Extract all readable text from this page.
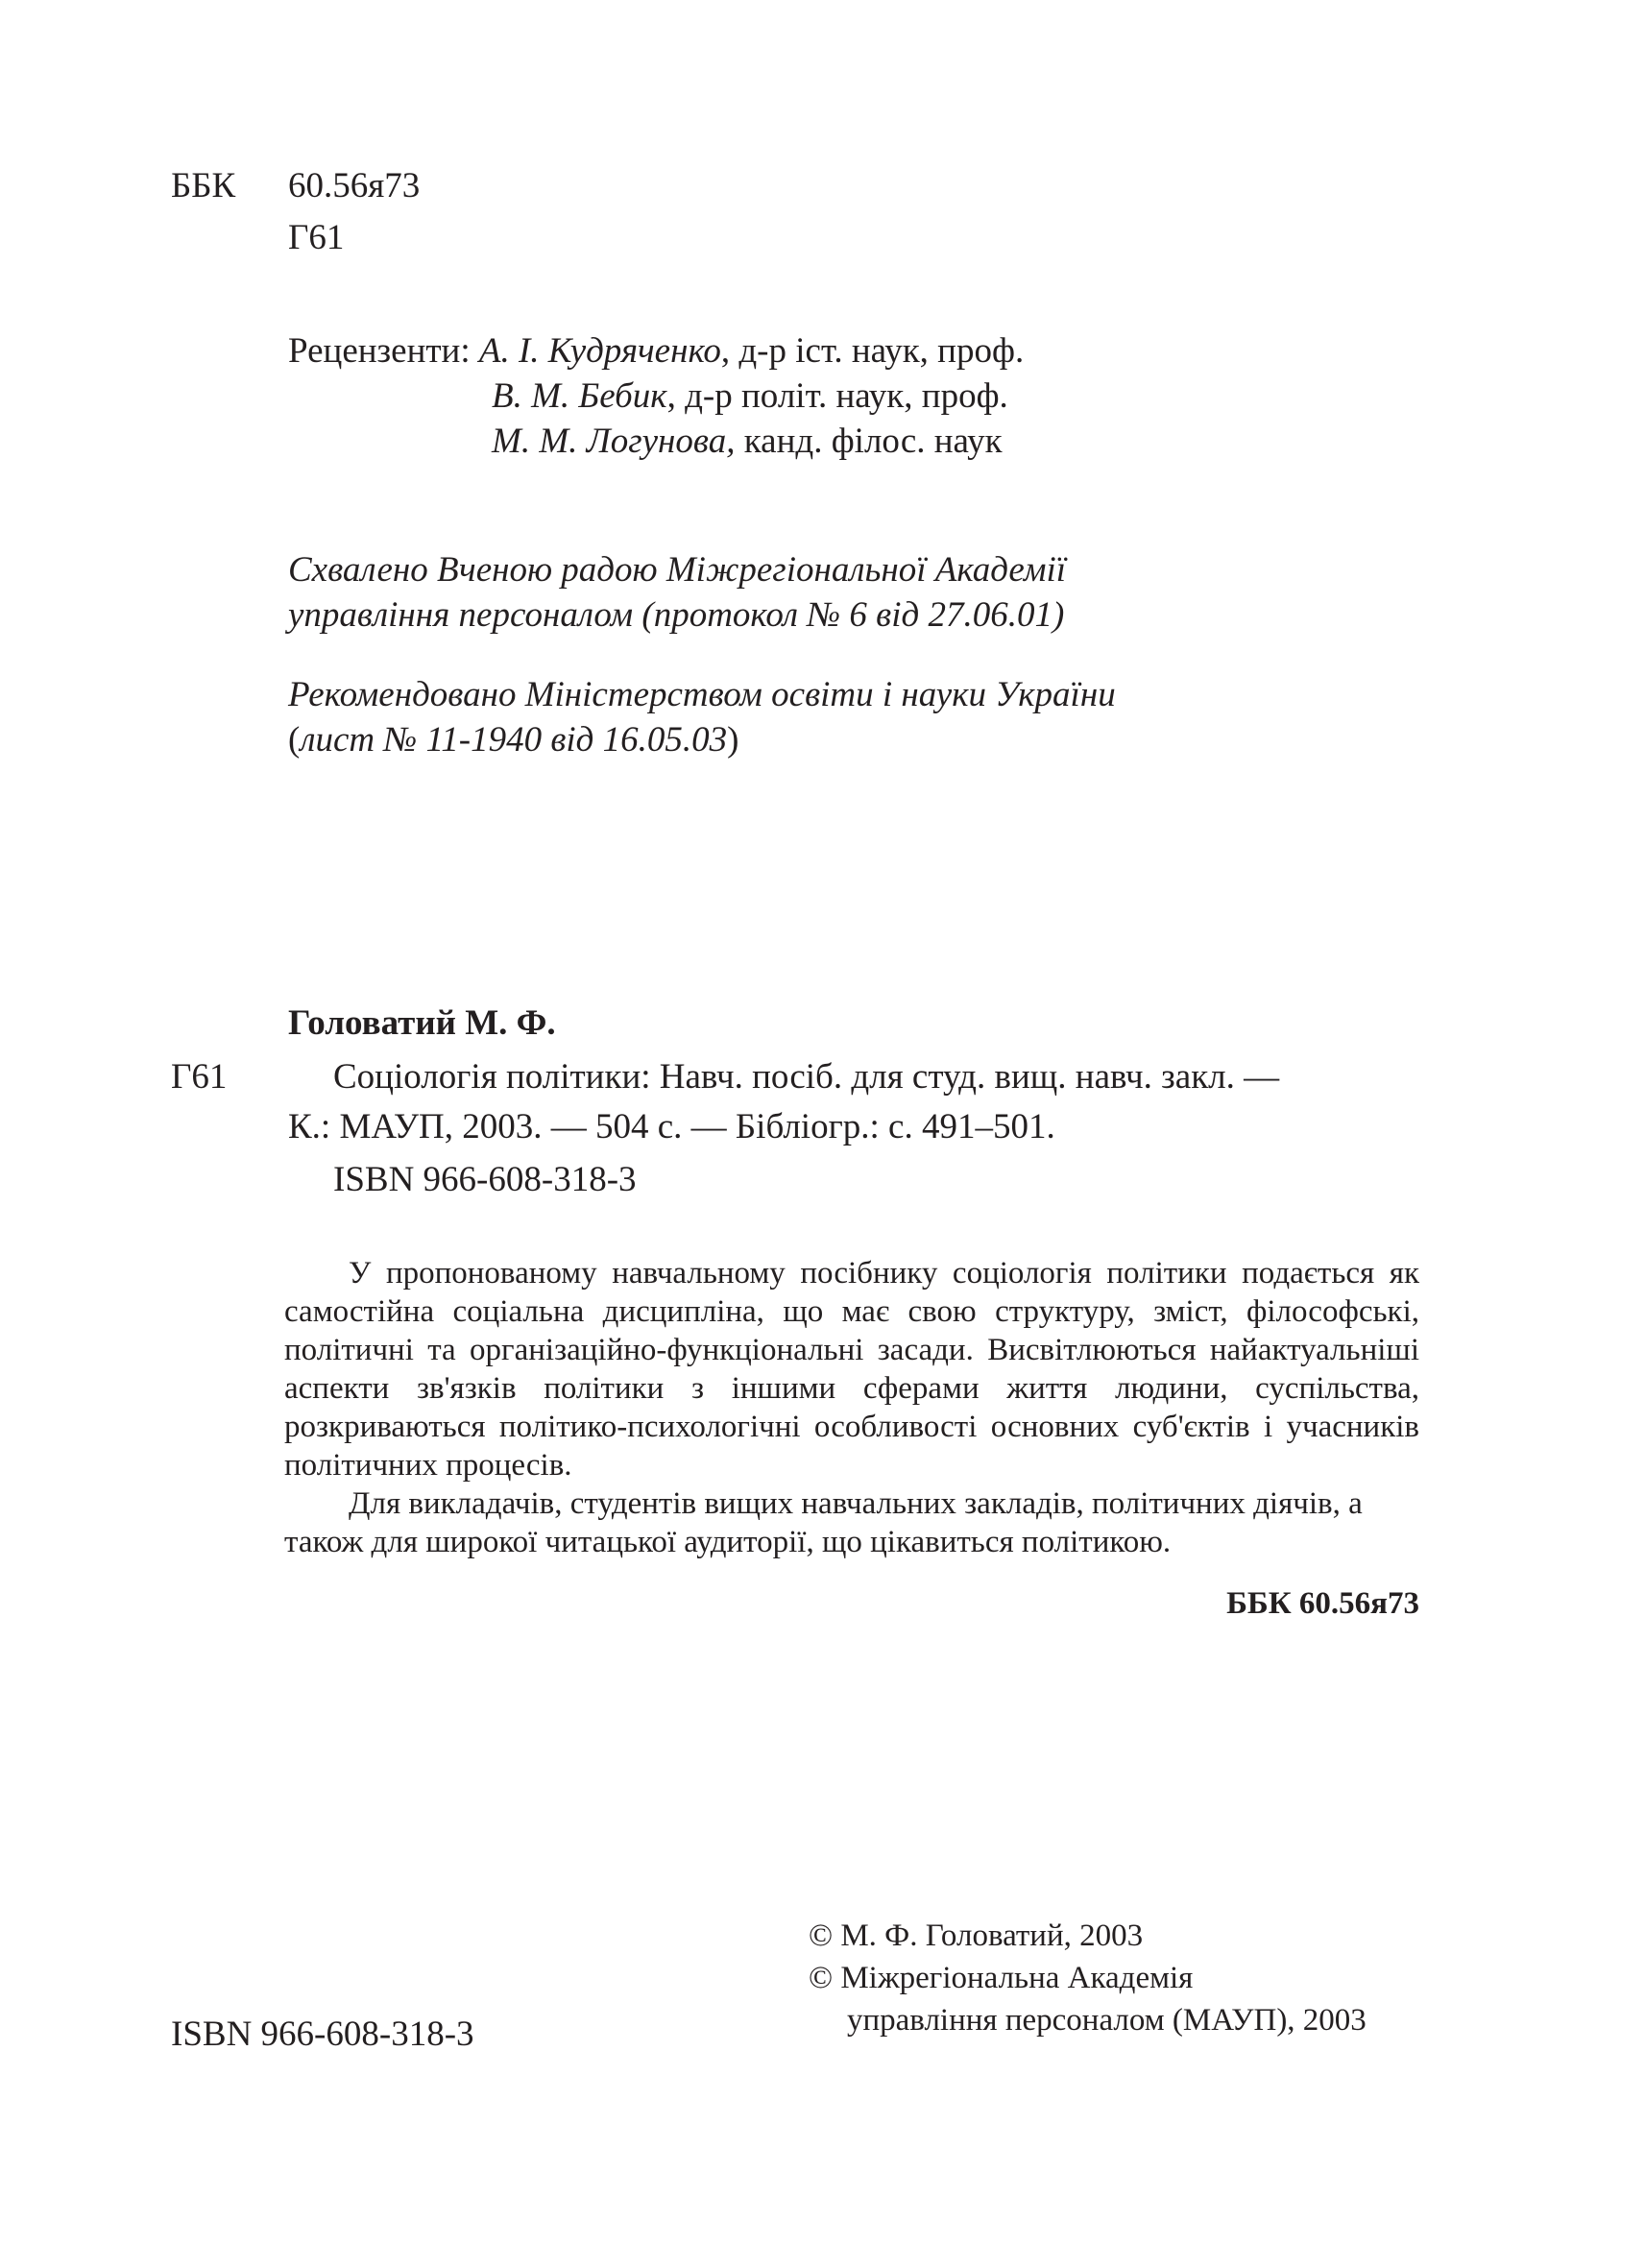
ББК 60.56я73
Г61
Рецензенти: А. І. Кудряченко, д-р іст. наук, проф.
В. М. Бебик, д-р політ. наук, проф.
М. М. Логунова, канд. філос. наук
Схвалено Вченою радою Міжрегіональної Академії
управління персоналом (протокол № 6 від 27.06.01)
Рекомендовано Міністерством освіти і науки України
(лист № 11-1940 від 16.05.03)
Головатий М. Ф.
Г61	Соціологія політики: Навч. посіб. для студ. вищ. навч. закл. —
К.: МАУП, 2003. — 504 с. — Бібліогр.: с. 491–501.
ISBN 966-608-318-3

У пропонованому навчальному посібнику соціологія політики подається як самостійна соціальна дисципліна, що має свою структуру, зміст, філософські, політичні та організаційно-функціональні засади. Висвітлюються найактуальніші аспекти зв'язків політики з іншими сферами життя людини, суспільства, розкриваються політико-психологічні особливості основних суб'єктів і учасників політичних процесів.

Для викладачів, студентів вищих навчальних закладів, політичних діячів, а також для широкої читацької аудиторії, що цікавиться політикою.

ББК 60.56я73
© М. Ф. Головатий, 2003
© Міжрегіональна Академія
управління персоналом (МАУП), 2003
ISBN 966-608-318-3
